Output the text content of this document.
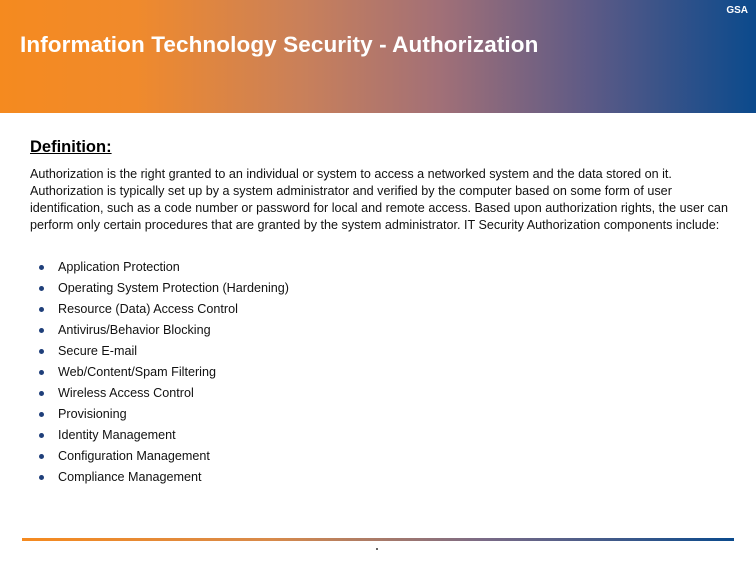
GSA
Information Technology Security - Authorization
Definition:

Authorization is the right granted to an individual or system to access a networked system and the data stored on it. Authorization is typically set up by a system administrator and verified by the computer based on some form of user identification, such as a code number or password for local and remote access. Based upon authorization rights, the user can perform only certain procedures that are granted by the system administrator. IT Security Authorization components include:

Application Protection
Operating System Protection (Hardening)
Resource (Data) Access Control
Antivirus/Behavior Blocking
Secure E-mail
Web/Content/Spam Filtering
Wireless Access Control
Provisioning
Identity Management
Configuration Management
Compliance Management
